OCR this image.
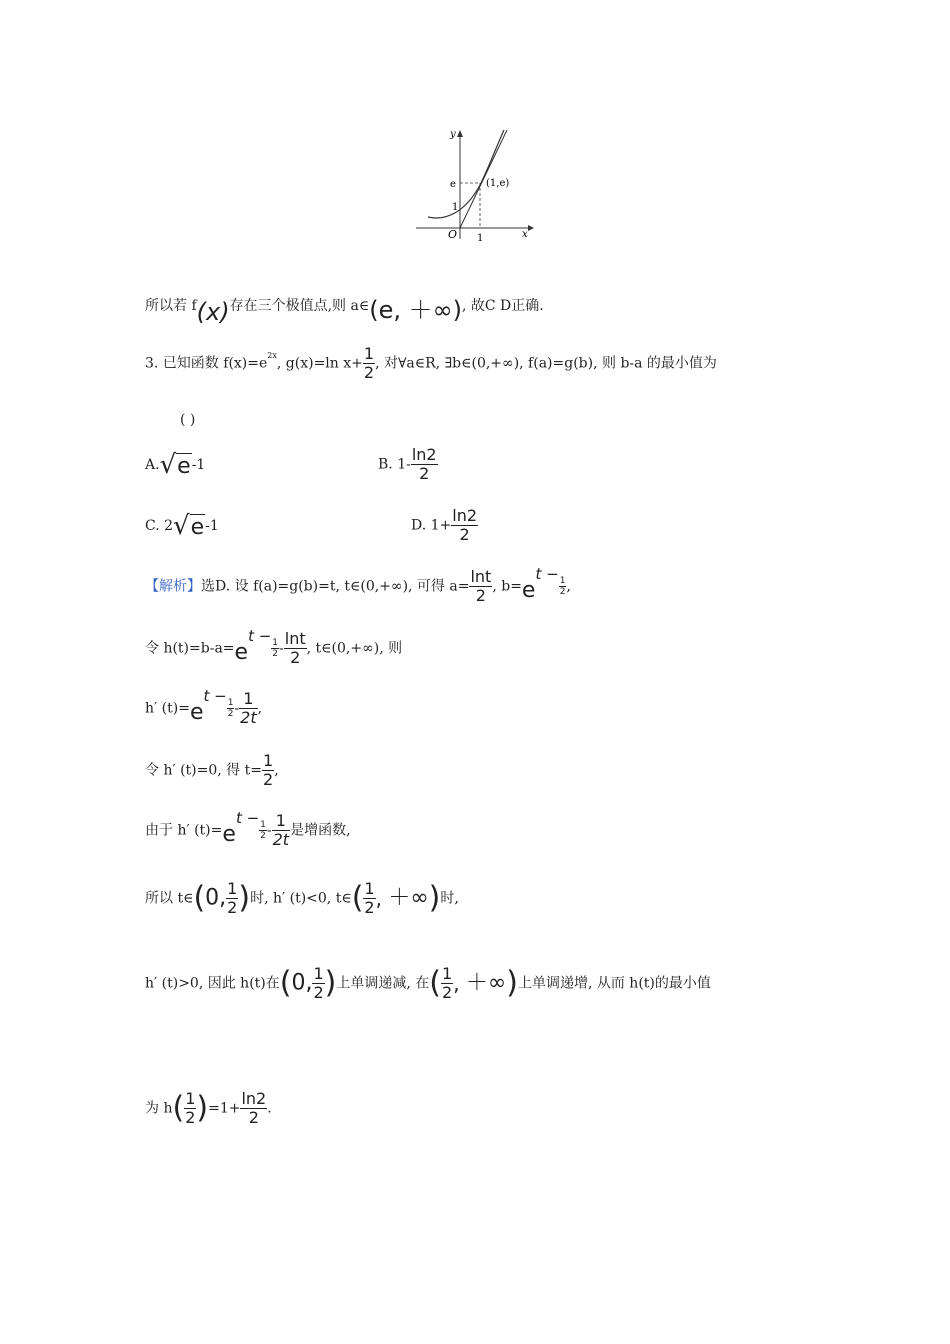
y
x
O
e
1
1
(1,e)
所以若 f(x)存在三个极值点,则 a∈(e, ＋∞), 故C D正确.
3. 已知函数 $f(x)=e^{2x}$, g(x)=ln $x+ \frac{1}{2}$ , 对∀a∈R, ∃b∈(0,+∞), f(a)=g(b), 则 b-a 的最小值为
( )
A.√e-1	B. $1- \frac{\ln 2}{2}$
C. 2√e-1	D. $1+ \frac{\ln 2}{2}$
【解析】选D. 设 f(a)=g(b)=t, t∈(0,+∞), 可得 $a= \frac{\ln t}{2}$ , b=et −
$\frac{1}{2}$ ,
令 h(t)=b-a=et −
$\frac{1}{2} - \frac{\ln t}{2}$ , t∈(0,+∞), 则
h′ (t)=et −
$\frac{1}{2} - \frac{1}{2t}$ ,
令 h′ (t)=0, 得 $t= \frac{1}{2}$ ,
由于 h′ (t)=et −
$\frac{1}{2} - \frac{1}{2t}$ 是增函数,
所以 t∈(0, $\frac{1}{2}$ )时, h′ (t)<0, t∈( $\frac{1}{2}$ , ＋∞)时,
h′ (t)>0, 因此 h(t)在(0, $\frac{1}{2}$ )上单调递减, 在( $\frac{1}{2}$ , ＋∞)上单调递增, 从而 h(t)的最小值
为 $h( \frac{1}{2} )=1+ \frac{\ln 2}{2}$ .
